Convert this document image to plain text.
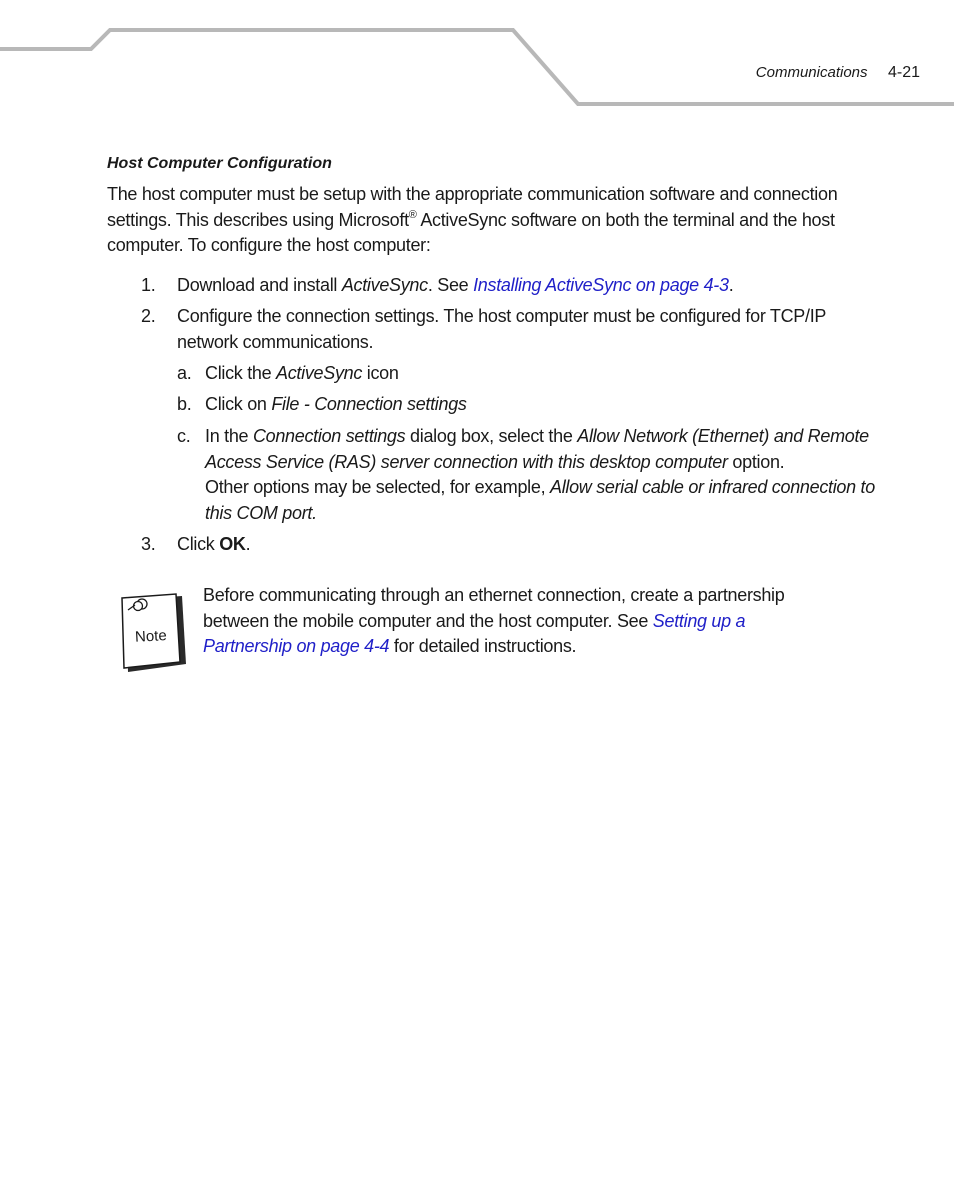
Communications 4-21
Host Computer Configuration

The host computer must be setup with the appropriate communication software and connection settings. This describes using Microsoft® ActiveSync software on both the terminal and the host computer. To configure the host computer:

1.	Download and install ActiveSync. See Installing ActiveSync on page 4-3.
2.	Configure the connection settings. The host computer must be configured for TCP/IP network communications.
a. Click the ActiveSync icon
b. Click on File - Connection settings
c. In the Connection settings dialog box, select the Allow Network (Ethernet) and Remote Access Service (RAS) server connection with this desktop computer option.
Other options may be selected, for example, Allow serial cable or infrared connection to this COM port.
3.	Click OK.
Note

Before communicating through an ethernet connection, create a partnership between the mobile computer and the host computer. See Setting up a Partnership on page 4-4 for detailed instructions.
